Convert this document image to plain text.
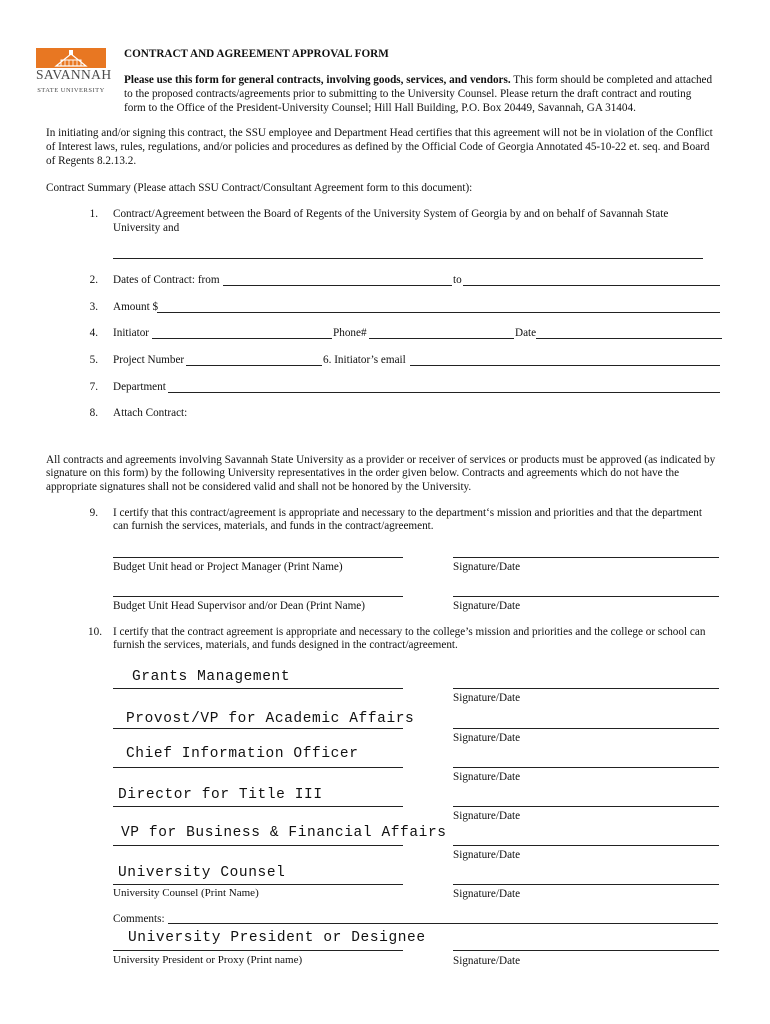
SAVANNAH
STATE UNIVERSITY
CONTRACT AND AGREEMENT APPROVAL FORM
Please use this form for general contracts, involving goods, services, and vendors. This form should be completed and attached
to the proposed contracts/agreements prior to submitting to the University Counsel. Please return the draft contract and routing
form to the Office of the President-University Counsel; Hill Hall Building, P.O. Box 20449, Savannah, GA 31404.
In initiating and/or signing this contract, the SSU employee and Department Head certifies that this agreement will not be in violation of the Conflict
of Interest laws, rules, regulations, and/or policies and procedures as defined by the Official Code of Georgia Annotated 45-10-22 et. seq. and Board
of Regents 8.2.13.2.
Contract Summary (Please attach SSU Contract/Consultant Agreement form to this document):
1. Contract/Agreement between the Board of Regents of the University System of Georgia by and on behalf of Savannah State
University and
2. Dates of Contract: from	to
3. Amount $
4. Initiator	Phone#	Date
5. Project Number	6. Initiator’s email
7. Department
8. Attach Contract:
All contracts and agreements involving Savannah State University as a provider or receiver of services or products must be approved (as indicated by
signature on this form) by the following University representatives in the order given below. Contracts and agreements which do not have the
appropriate signatures shall not be considered valid and shall not be honored by the University.
9. I certify that this contract/agreement is appropriate and necessary to the department‘s mission and priorities and that the department
can furnish the services, materials, and funds in the contract/agreement.
Budget Unit head or Project Manager (Print Name)	Signature/Date
Budget Unit Head Supervisor and/or Dean (Print Name)	Signature/Date
10. I certify that the contract agreement is appropriate and necessary to the college’s mission and priorities and the college or school can
furnish the services, materials, and funds designed in the contract/agreement.
Grants Management
Signature/Date
Provost/VP for Academic Affairs
Signature/Date
Chief Information Officer
Signature/Date
Director for Title III
Signature/Date
VP for Business & Financial Affairs
Signature/Date
University Counsel
University Counsel (Print Name)	Signature/Date
Comments:
University President or Designee
University President or Proxy (Print name)	Signature/Date
